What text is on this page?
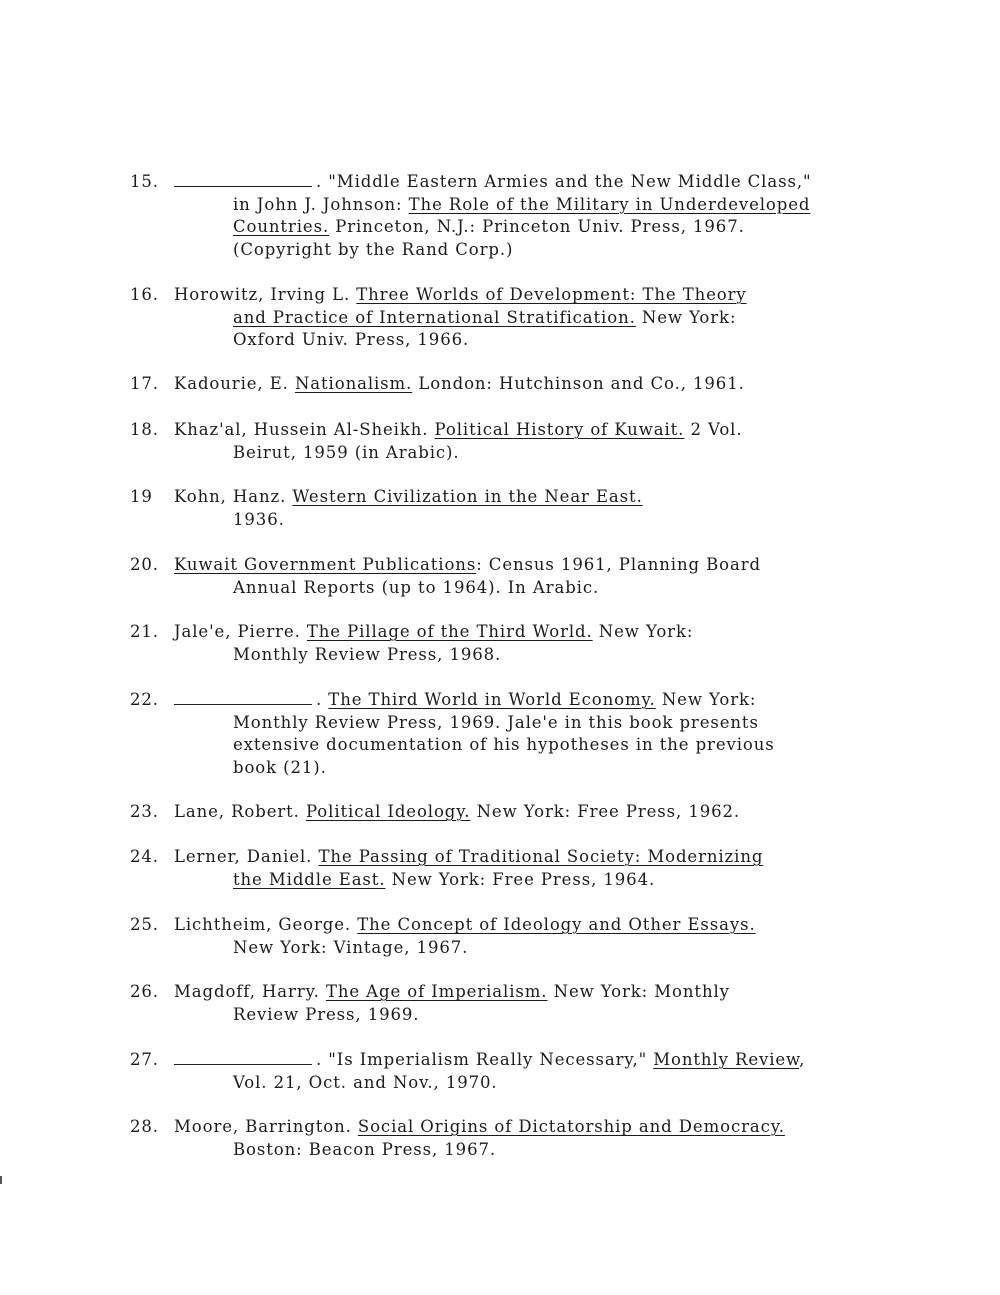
15.	. "Middle Eastern Armies and the New Middle Class,"
in John J. Johnson: The Role of the Military in Underdeveloped
Countries. Princeton, N.J.: Princeton Univ. Press, 1967.
(Copyright by the Rand Corp.)
16. Horowitz, Irving L. Three Worlds of Development: The Theory
and Practice of International Stratification. New York:
Oxford Univ. Press, 1966.
17. Kadourie, E. Nationalism. London: Hutchinson and Co., 1961.
18. Khaz'al, Hussein Al-Sheikh. Political History of Kuwait. 2 Vol.
Beirut, 1959 (in Arabic).
19 Kohn, Hanz. Western Civilization in the Near East.
1936.
20. Kuwait Government Publications: Census 1961, Planning Board
Annual Reports (up to 1964). In Arabic.
21. Jale'e, Pierre. The Pillage of the Third World. New York:
Monthly Review Press, 1968.
22.	. The Third World in World Economy. New York:
Monthly Review Press, 1969. Jale'e in this book presents
extensive documentation of his hypotheses in the previous
book (21).
23. Lane, Robert. Political Ideology. New York: Free Press, 1962.
24. Lerner, Daniel. The Passing of Traditional Society: Modernizing
the Middle East. New York: Free Press, 1964.
25. Lichtheim, George. The Concept of Ideology and Other Essays.
New York: Vintage, 1967.
26. Magdoff, Harry. The Age of Imperialism. New York: Monthly
Review Press, 1969.
27.	. "Is Imperialism Really Necessary," Monthly Review,
Vol. 21, Oct. and Nov., 1970.
28. Moore, Barrington. Social Origins of Dictatorship and Democracy.
Boston: Beacon Press, 1967.
